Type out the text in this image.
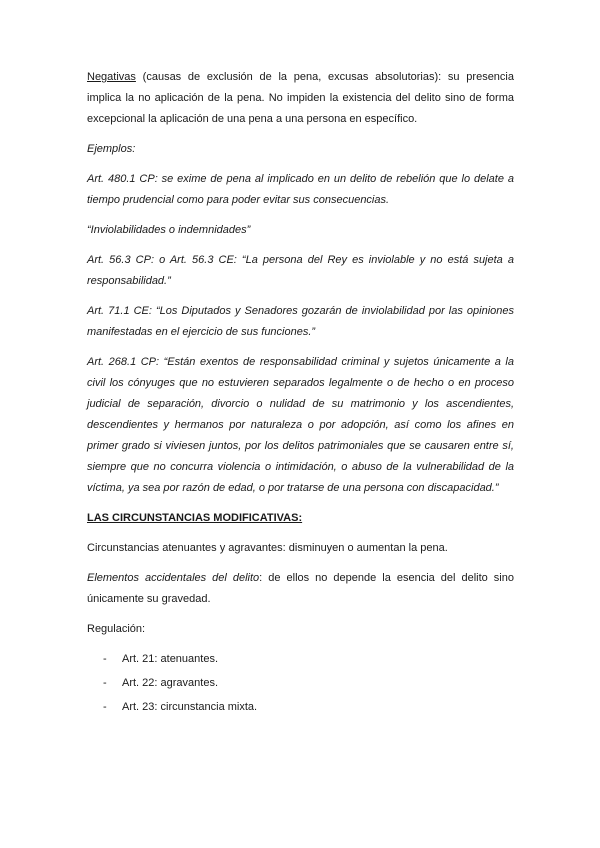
Negativas (causas de exclusión de la pena, excusas absolutorias): su presencia implica la no aplicación de la pena. No impiden la existencia del delito sino de forma excepcional la aplicación de una pena a una persona en específico.

Ejemplos:

Art. 480.1 CP: se exime de pena al implicado en un delito de rebelión que lo delate a tiempo prudencial como para poder evitar sus consecuencias.

“Inviolabilidades o indemnidades”

Art. 56.3 CP: o Art. 56.3 CE: “La persona del Rey es inviolable y no está sujeta a responsabilidad.”

Art. 71.1 CE: “Los Diputados y Senadores gozarán de inviolabilidad por las opiniones manifestadas en el ejercicio de sus funciones.”

Art. 268.1 CP: “Están exentos de responsabilidad criminal y sujetos únicamente a la civil los cónyuges que no estuvieren separados legalmente o de hecho o en proceso judicial de separación, divorcio o nulidad de su matrimonio y los ascendientes, descendientes y hermanos por naturaleza o por adopción, así como los afines en primer grado si viviesen juntos, por los delitos patrimoniales que se causaren entre sí, siempre que no concurra violencia o intimidación, o abuso de la vulnerabilidad de la víctima, ya sea por razón de edad, o por tratarse de una persona con discapacidad.”

LAS CIRCUNSTANCIAS MODIFICATIVAS:

Circunstancias atenuantes y agravantes: disminuyen o aumentan la pena.

Elementos accidentales del delito: de ellos no depende la esencia del delito sino únicamente su gravedad.

Regulación:

- Art. 21: atenuantes.
- Art. 22: agravantes.
- Art. 23: circunstancia mixta.
